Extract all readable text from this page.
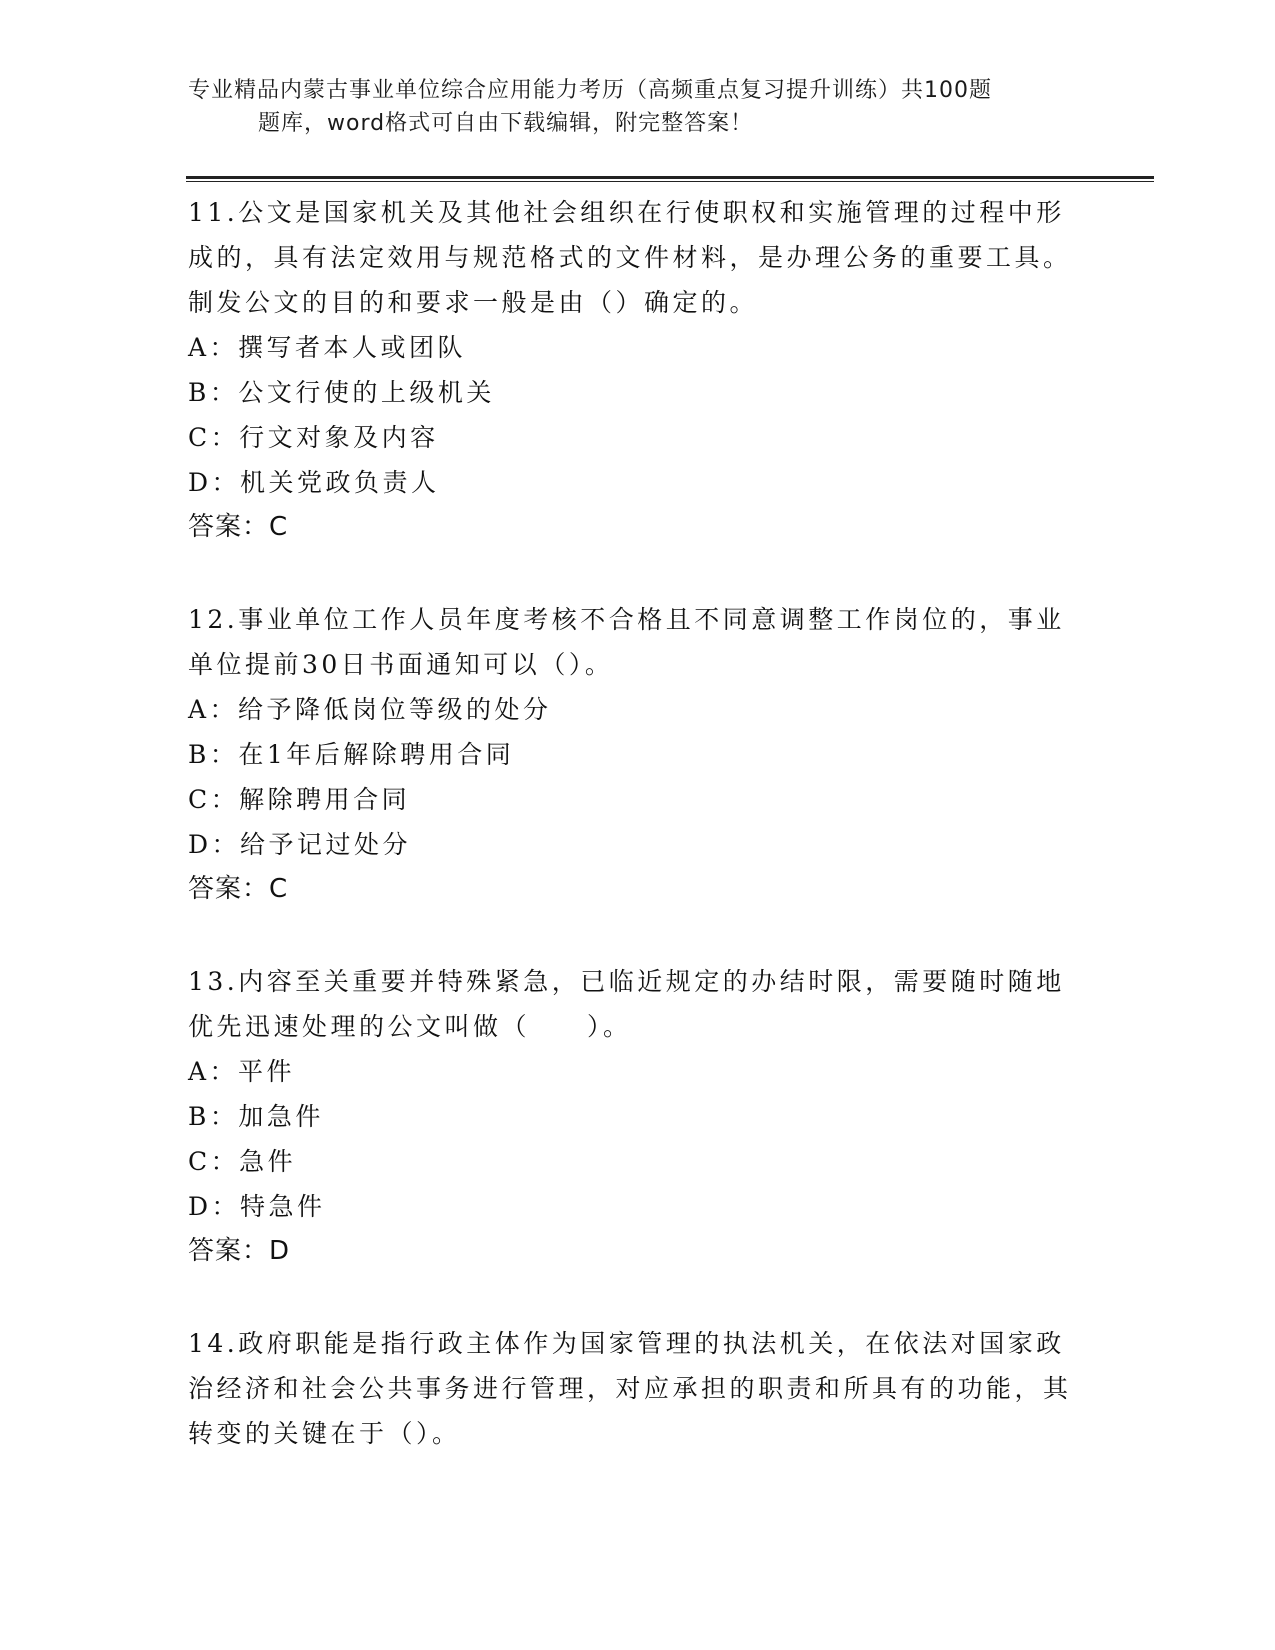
专业精品内蒙古事业单位综合应用能力考历（高频重点复习提升训练）共100题
题库，word格式可自由下载编辑，附完整答案！

11.公文是国家机关及其他社会组织在行使职权和实施管理的过程中形成的，具有法定效用与规范格式的文件材料，是办理公务的重要工具。制发公文的目的和要求一般是由（）确定的。

A：撰写者本人或团队

B：公文行使的上级机关

C：行文对象及内容

D：机关党政负责人

答案：C

12.事业单位工作人员年度考核不合格且不同意调整工作岗位的，事业单位提前30日书面通知可以（）。

A：给予降低岗位等级的处分

B：在1年后解除聘用合同

C：解除聘用合同

D：给予记过处分

答案：C

13.内容至关重要并特殊紧急，已临近规定的办结时限，需要随时随地优先迅速处理的公文叫做（　　）。

A：平件

B：加急件

C：急件

D：特急件

答案：D

14.政府职能是指行政主体作为国家管理的执法机关，在依法对国家政治经济和社会公共事务进行管理，对应承担的职责和所具有的功能，其转变的关键在于（）。
